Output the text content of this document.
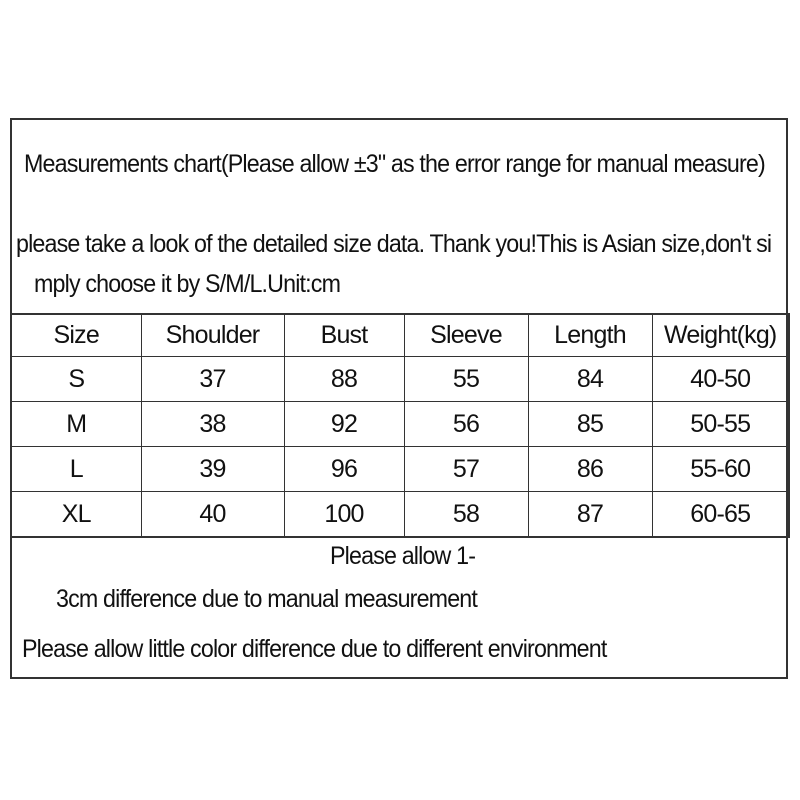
Measurements chart(Please allow ±3" as the error range for manual measure)
please take a look of the detailed size data. Thank you!This is Asian size,don't si
mply choose it by S/M/L.Unit:cm
Size	Shoulder	Bust	Sleeve	Length	Weight(kg)
S	37	88	55	84	40-50
M	38	92	56	85	50-55
L	39	96	57	86	55-60
XL	40	100	58	87	60-65
Please allow 1-
3cm difference due to manual measurement
Please allow little color difference due to different environment
